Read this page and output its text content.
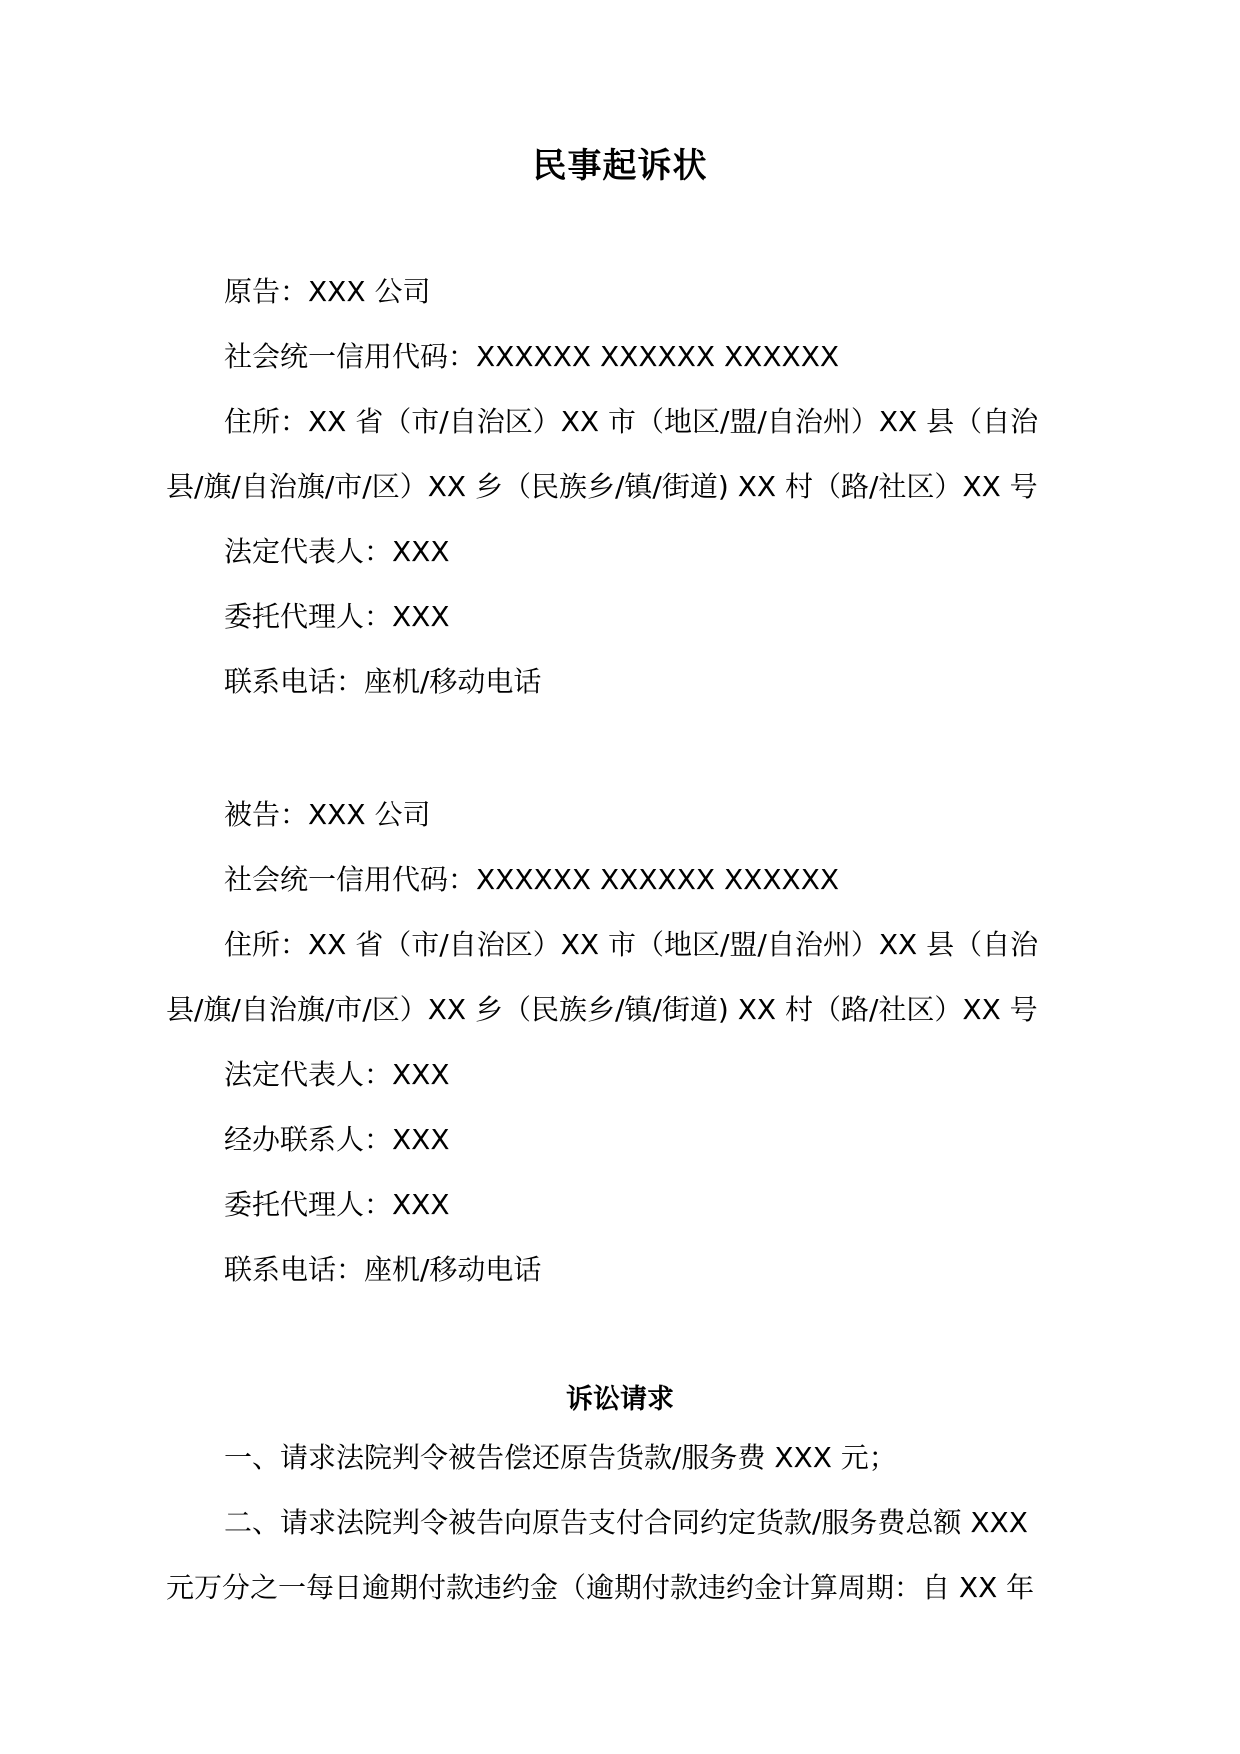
民事起诉状

原告：XXX 公司

社会统一信用代码：XXXXXX XXXXXX XXXXXX

住所：XX 省（市/自治区）XX 市（地区/盟/自治州）XX 县（自治

县/旗/自治旗/市/区）XX 乡（民族乡/镇/街道) XX 村（路/社区）XX 号

法定代表人：XXX

委托代理人：XXX

联系电话：座机/移动电话

被告：XXX 公司

社会统一信用代码：XXXXXX XXXXXX XXXXXX

住所：XX 省（市/自治区）XX 市（地区/盟/自治州）XX 县（自治

县/旗/自治旗/市/区）XX 乡（民族乡/镇/街道) XX 村（路/社区）XX 号

法定代表人：XXX

经办联系人：XXX

委托代理人：XXX

联系电话：座机/移动电话

诉讼请求

一、请求法院判令被告偿还原告货款/服务费 XXX 元；

二、请求法院判令被告向原告支付合同约定货款/服务费总额 XXX

元万分之一每日逾期付款违约金（逾期付款违约金计算周期：自 XX 年
